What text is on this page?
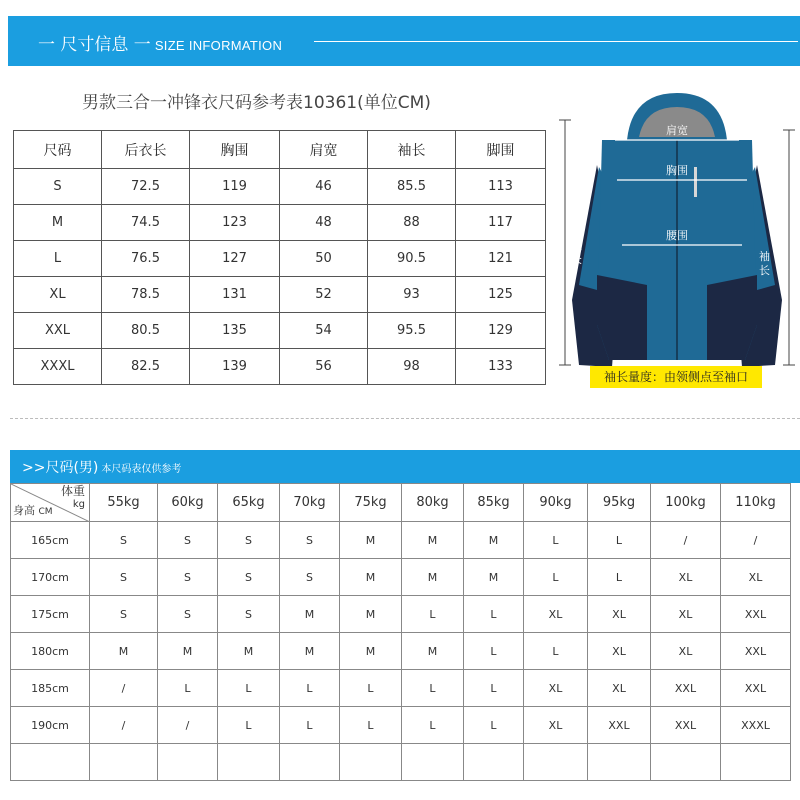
一 尺寸信息 一 SIZE INFORMATION
男款三合一冲锋衣尺码参考表10361(单位CM)
尺码	后衣长	胸围	肩宽	袖长	脚围
S	72.5	119	46	85.5	113
M	74.5	123	48	88	117
L	76.5	127	50	90.5	121
XL	78.5	131	52	93	125
XXL	80.5	135	54	95.5	129
XXXL	82.5	139	56	98	133
肩宽
胸围
腰围
后衣长	袖长
袖长量度：由领侧点至袖口
>>尺码(男) 本尺码表仅供参考
体重
kg
身高 CM	55kg	60kg	65kg	70kg	75kg	80kg	85kg	90kg	95kg	100kg	110kg
165cm	S	S	S	S	M	M	M	L	L	/	/
170cm	S	S	S	S	M	M	M	L	L	XL	XL
175cm	S	S	S	M	M	L	L	XL	XL	XL	XXL
180cm	M	M	M	M	M	M	L	L	XL	XL	XXL
185cm	/	L	L	L	L	L	L	XL	XL	XXL	XXL
190cm	/	/	L	L	L	L	L	XL	XXL	XXL	XXXL
